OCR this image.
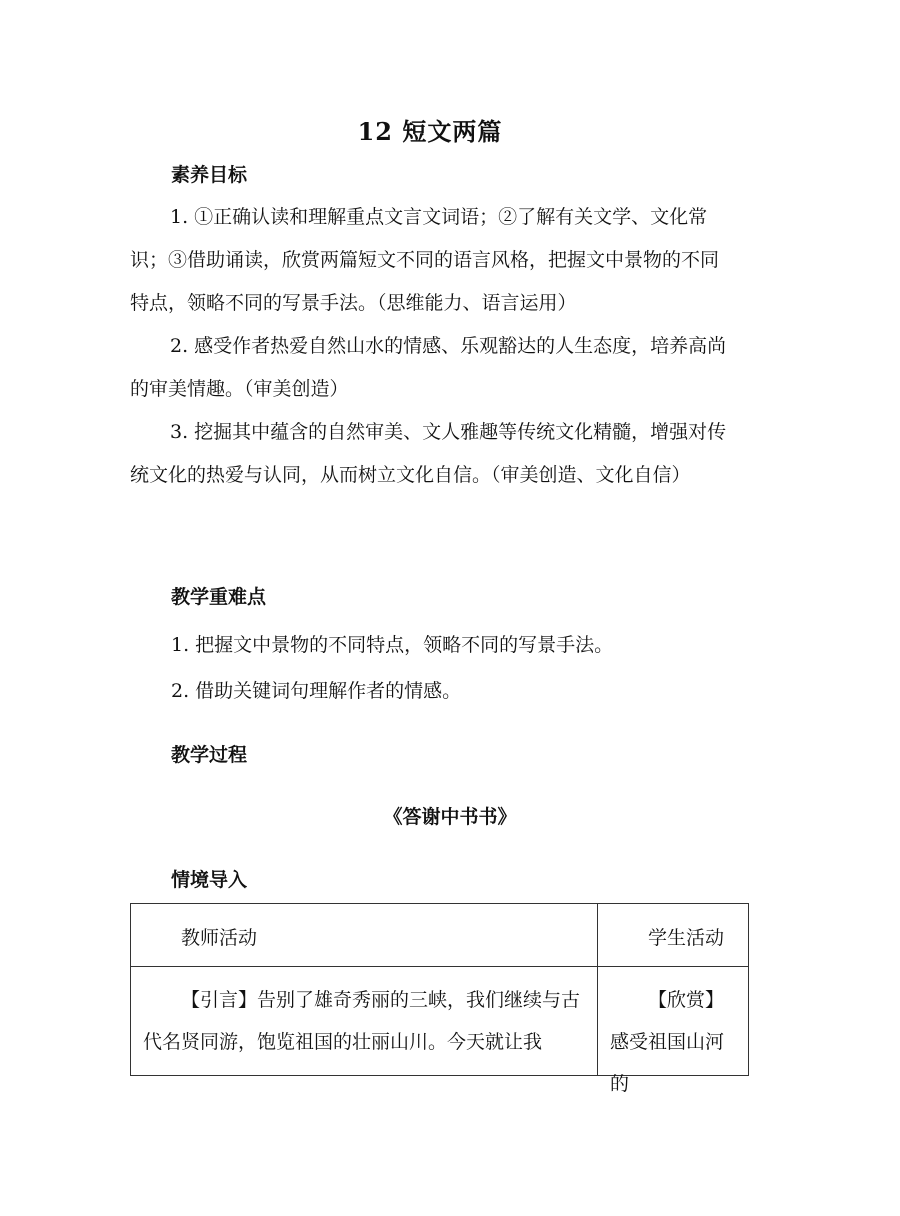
12 短文两篇
素养目标
1. ①正确认读和理解重点文言文词语；②了解有关文学、文化常识；③借助诵读，欣赏两篇短文不同的语言风格，把握文中景物的不同特点，领略不同的写景手法。（思维能力、语言运用）
2. 感受作者热爱自然山水的情感、乐观豁达的人生态度，培养高尚的审美情趣。（审美创造）
3. 挖掘其中蕴含的自然审美、文人雅趣等传统文化精髓，增强对传统文化的热爱与认同，从而树立文化自信。（审美创造、文化自信）
教学重难点
1. 把握文中景物的不同特点，领略不同的写景手法。
2. 借助关键词句理解作者的情感。
教学过程
《答谢中书书》
情境导入
教师活动	学生活动

【引言】告别了雄奇秀丽的三峡，我们继续与古代名贤同游，饱览祖国的壮丽山川。今天就让我	【欣赏】感受祖国山河的
